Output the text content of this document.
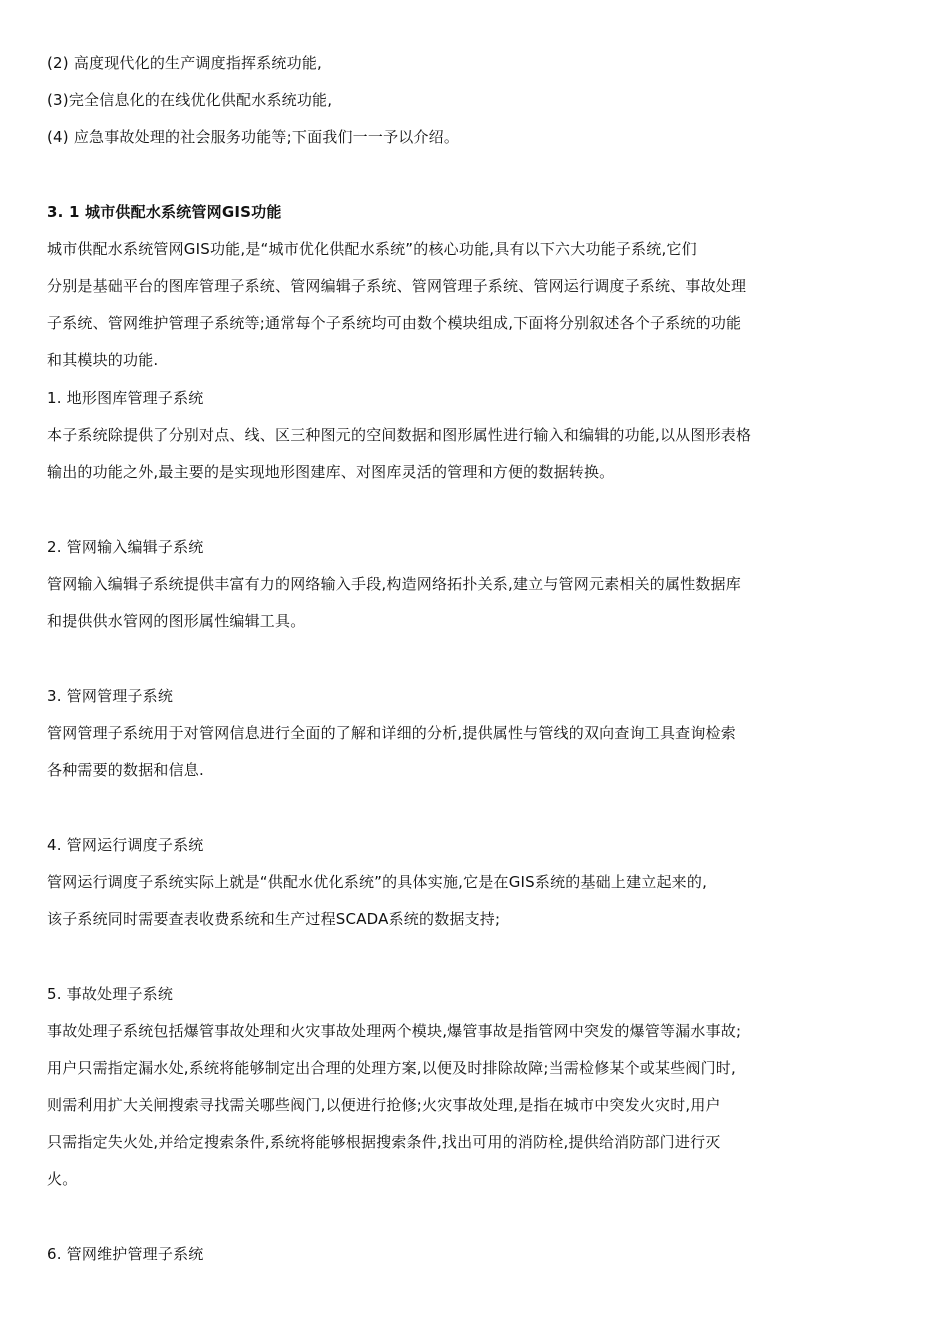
(2) 高度现代化的生产调度指挥系统功能,
(3)完全信息化的在线优化供配水系统功能,
(4) 应急事故处理的社会服务功能等;下面我们一一予以介绍。
3. 1 城市供配水系统管网GIS功能
城市供配水系统管网GIS功能,是“城市优化供配水系统”的核心功能,具有以下六大功能子系统,它们
分别是基础平台的图库管理子系统、管网编辑子系统、管网管理子系统、管网运行调度子系统、事故处理
子系统、管网维护管理子系统等;通常每个子系统均可由数个模块组成,下面将分别叙述各个子系统的功能
和其模块的功能.
1. 地形图库管理子系统
本子系统除提供了分别对点、线、区三种图元的空间数据和图形属性进行输入和编辑的功能,以从图形表格
输出的功能之外,最主要的是实现地形图建库、对图库灵活的管理和方便的数据转换。
2. 管网输入编辑子系统
管网输入编辑子系统提供丰富有力的网络输入手段,构造网络拓扑关系,建立与管网元素相关的属性数据库
和提供供水管网的图形属性编辑工具。
3. 管网管理子系统
管网管理子系统用于对管网信息进行全面的了解和详细的分析,提供属性与管线的双向查询工具查询检索
各种需要的数据和信息.
4. 管网运行调度子系统
管网运行调度子系统实际上就是“供配水优化系统”的具体实施,它是在GIS系统的基础上建立起来的,
该子系统同时需要查表收费系统和生产过程SCADA系统的数据支持;
5. 事故处理子系统
事故处理子系统包括爆管事故处理和火灾事故处理两个模块,爆管事故是指管网中突发的爆管等漏水事故;
用户只需指定漏水处,系统将能够制定出合理的处理方案,以便及时排除故障;当需检修某个或某些阀门时,
则需利用扩大关闸搜索寻找需关哪些阀门,以便进行抢修;火灾事故处理,是指在城市中突发火灾时,用户
只需指定失火处,并给定搜索条件,系统将能够根据搜索条件,找出可用的消防栓,提供给消防部门进行灭
火。
6. 管网维护管理子系统
